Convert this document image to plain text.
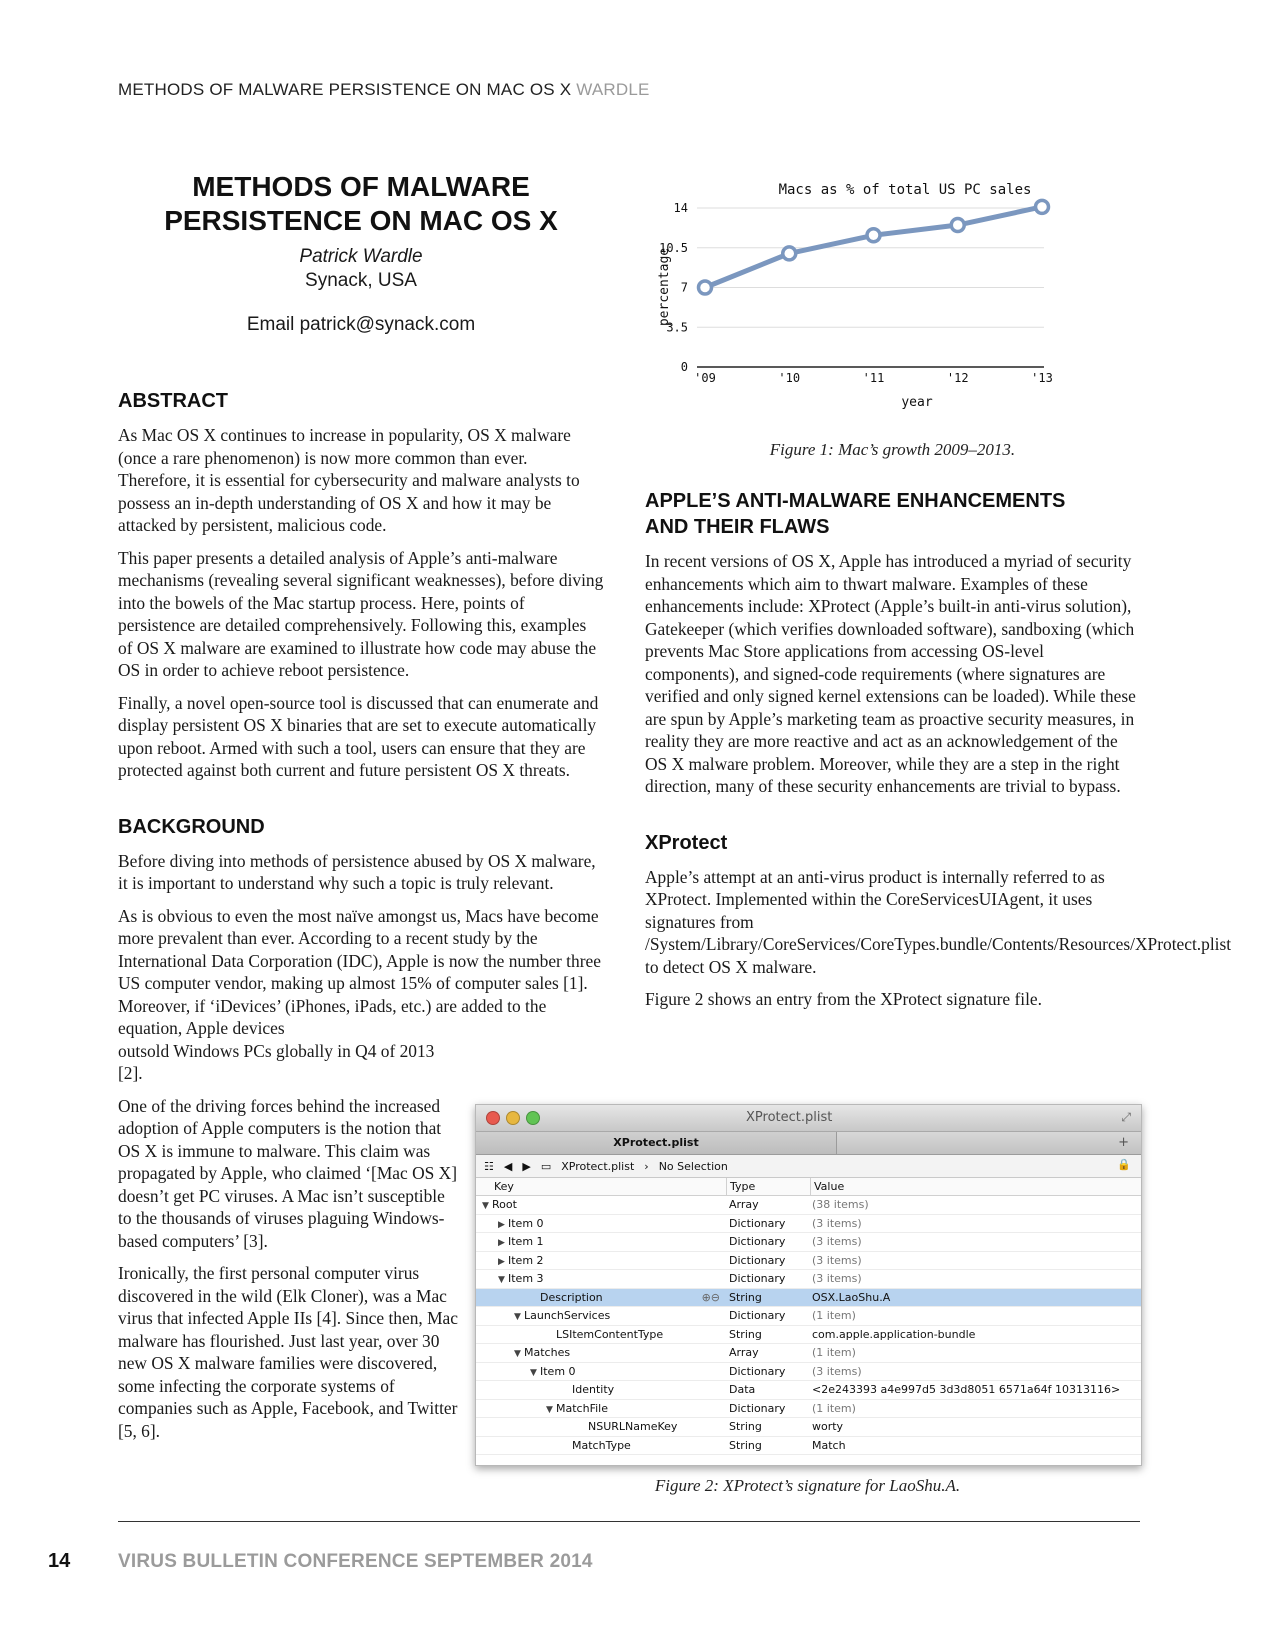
METHODS OF MALWARE PERSISTENCE ON MAC OS X WARDLE
METHODS OF MALWARE
PERSISTENCE ON MAC OS X
Patrick Wardle
Synack, USA
Email patrick@synack.com
ABSTRACT

As Mac OS X continues to increase in popularity, OS X malware (once a rare phenomenon) is now more common than ever. Therefore, it is essential for cybersecurity and malware analysts to possess an in-depth understanding of OS X and how it may be attacked by persistent, malicious code.

This paper presents a detailed analysis of Apple’s anti-malware mechanisms (revealing several significant weaknesses), before diving into the bowels of the Mac startup process. Here, points of persistence are detailed comprehensively. Following this, examples of OS X malware are examined to illustrate how code may abuse the OS in order to achieve reboot persistence.

Finally, a novel open-source tool is discussed that can enumerate and display persistent OS X binaries that are set to execute automatically upon reboot. Armed with such a tool, users can ensure that they are protected against both current and future persistent OS X threats.

BACKGROUND

Before diving into methods of persistence abused by OS X malware, it is important to understand why such a topic is truly relevant.

As is obvious to even the most naïve amongst us, Macs have become more prevalent than ever. According to a recent study by the International Data Corporation (IDC), Apple is now the number three US computer vendor, making up almost 15% of computer sales [1]. Moreover, if ‘iDevices’ (iPhones, iPads, etc.) are added to the equation, Apple devices

outsold Windows PCs globally in Q4 of 2013 [2].

One of the driving forces behind the increased adoption of Apple computers is the notion that OS X is immune to malware. This claim was propagated by Apple, who claimed ‘[Mac OS X] doesn’t get PC viruses. A Mac isn’t susceptible to the thousands of viruses plaguing Windows-based computers’ [3].

Ironically, the first personal computer virus discovered in the wild (Elk Cloner), was a Mac virus that infected Apple IIs [4]. Since then, Mac malware has flourished. Just last year, over 30 new OS X malware families were discovered, some infecting the corporate systems of companies such as Apple, Facebook, and Twitter [5, 6].

Macs as % of total US PC sales
percentage
year
0
3.5
7
10.5
14
'09	'10	'11	'12	'13
Figure 1: Mac’s growth 2009–2013.
APPLE’S ANTI-MALWARE ENHANCEMENTS
AND THEIR FLAWS

In recent versions of OS X, Apple has introduced a myriad of security enhancements which aim to thwart malware. Examples of these enhancements include: XProtect (Apple’s built-in anti-virus solution), Gatekeeper (which verifies downloaded software), sandboxing (which prevents Mac Store applications from accessing OS-level components), and signed-code requirements (where signatures are verified and only signed kernel extensions can be loaded). While these are spun by Apple’s marketing team as proactive security measures, in reality they are more reactive and act as an acknowledgement of the OS X malware problem. Moreover, while they are a step in the right direction, many of these security enhancements are trivial to bypass.

XProtect

Apple’s attempt at an anti-virus product is internally referred to as XProtect. Implemented within the CoreServicesUIAgent, it uses signatures from /System/Library/CoreServices/CoreTypes.bundle/Contents/Resources/XProtect.plist to detect OS X malware.

Figure 2 shows an entry from the XProtect signature file.

XProtect.plist	⤢
XProtect.plist	+
☷ ◀ ▶ ▭ XProtect.plist › No Selection	🔒
Key	Type	Value
▼ Root	Array	(38 items)
▶ Item 0	Dictionary	(3 items)
▶ Item 1	Dictionary	(3 items)
▶ Item 2	Dictionary	(3 items)
▼ Item 3	Dictionary	(3 items)
Description	⊕⊖ String	OSX.LaoShu.A
▼ LaunchServices	Dictionary	(1 item)
LSItemContentType	String	com.apple.application-bundle
▼ Matches	Array	(1 item)
▼ Item 0	Dictionary	(3 items)
Identity	Data	<2e243393 a4e997d5 3d3d8051 6571a64f 10313116>
▼ MatchFile	Dictionary	(1 item)
NSURLNameKey	String	worty
MatchType	String	Match
Figure 2: XProtect’s signature for LaoShu.A.
14	VIRUS BULLETIN CONFERENCE SEPTEMBER 2014
